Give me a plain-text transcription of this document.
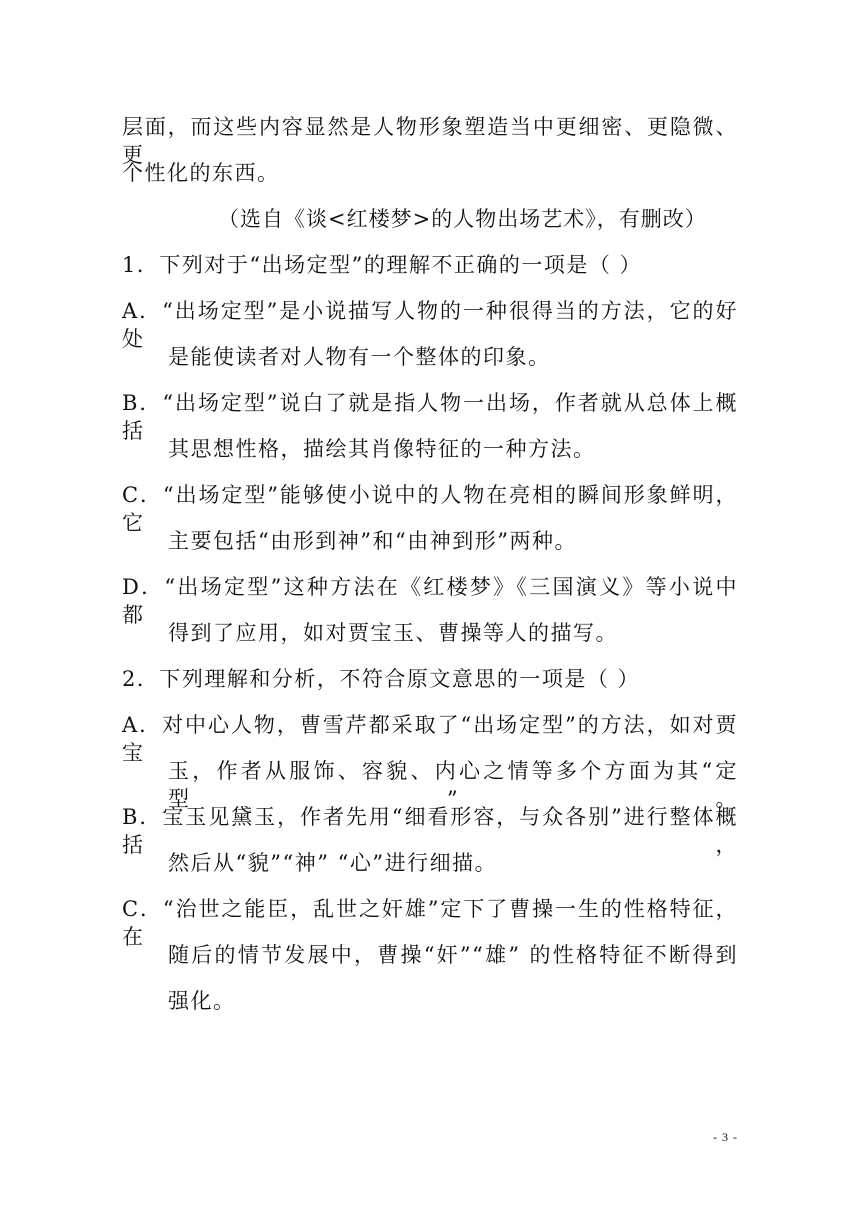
层面，而这些内容显然是人物形象塑造当中更细密、更隐微、更
个性化的东西。
（选自《谈<红楼梦>的人物出场艺术》，有删改）
1．下列对于“出场定型”的理解不正确的一项是（ ）
A．“出场定型”是小说描写人物的一种很得当的方法，它的好处
是能使读者对人物有一个整体的印象。
B．“出场定型”说白了就是指人物一出场，作者就从总体上概括
其思想性格，描绘其肖像特征的一种方法。
C．“出场定型”能够使小说中的人物在亮相的瞬间形象鲜明，它
主要包括“由形到神”和“由神到形”两种。
D．“出场定型”这种方法在《红楼梦》《三国演义》等小说中都
得到了应用，如对贾宝玉、曹操等人的描写。
2．下列理解和分析，不符合原文意思的一项是（ ）
A．对中心人物，曹雪芹都采取了“出场定型”的方法，如对贾宝
玉，作者从服饰、容貌、内心之情等多个方面为其“定型”。
B．宝玉见黛玉，作者先用“细看形容，与众各别”进行整体概括，
然后从“貌”“神” “心”进行细描。
C．“治世之能臣，乱世之奸雄”定下了曹操一生的性格特征，在
随后的情节发展中，曹操“奸”“雄” 的性格特征不断得到
强化。
- 3 -
